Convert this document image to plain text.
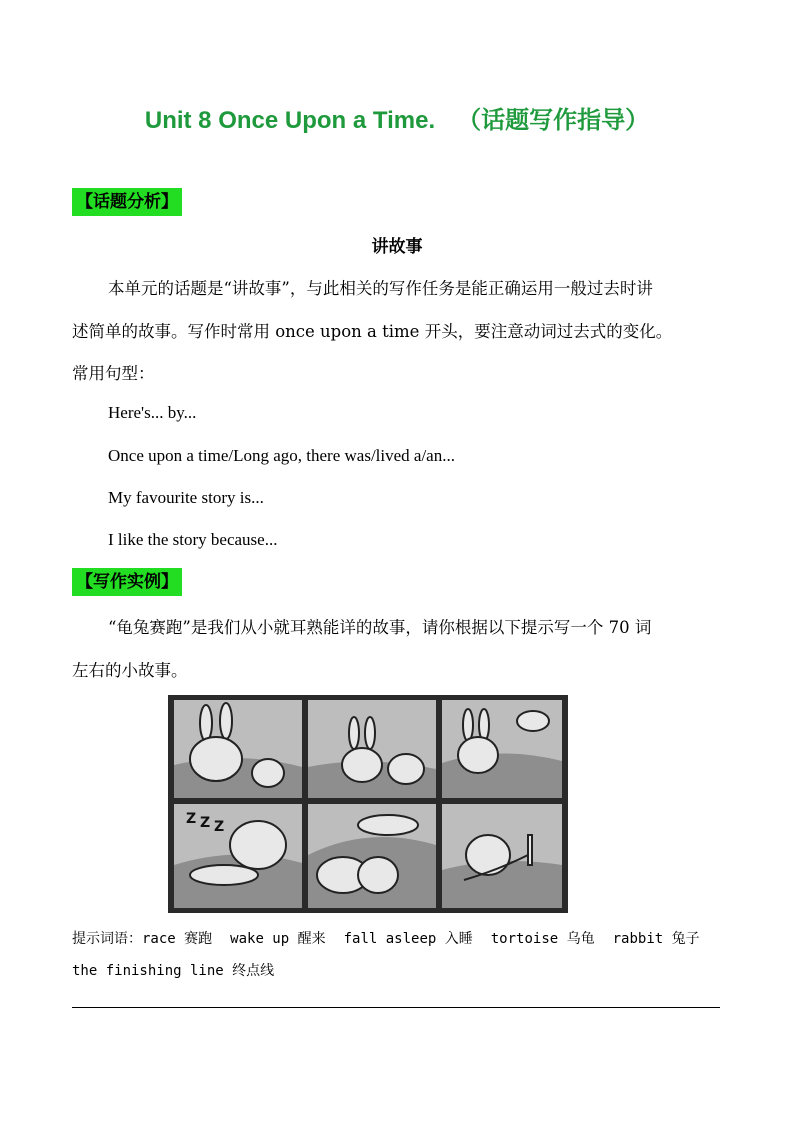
Unit 8 Once Upon a Time. （话题写作指导）
【话题分析】
讲故事
本单元的话题是“讲故事”，与此相关的写作任务是能正确运用一般过去时讲
述简单的故事。写作时常用 once upon a time 开头，要注意动词过去式的变化。
常用句型：
Here's... by...
Once upon a time/Long ago, there was/lived a/an...
My favourite story is...
I like the story because...
【写作实例】
“龟兔赛跑”是我们从小就耳熟能详的故事，请你根据以下提示写一个 70 词
左右的小故事。
Z Z Z
提示词语：race 赛跑 wake up 醒来 fall asleep 入睡 tortoise 乌龟 rabbit 兔子
the finishing line 终点线
